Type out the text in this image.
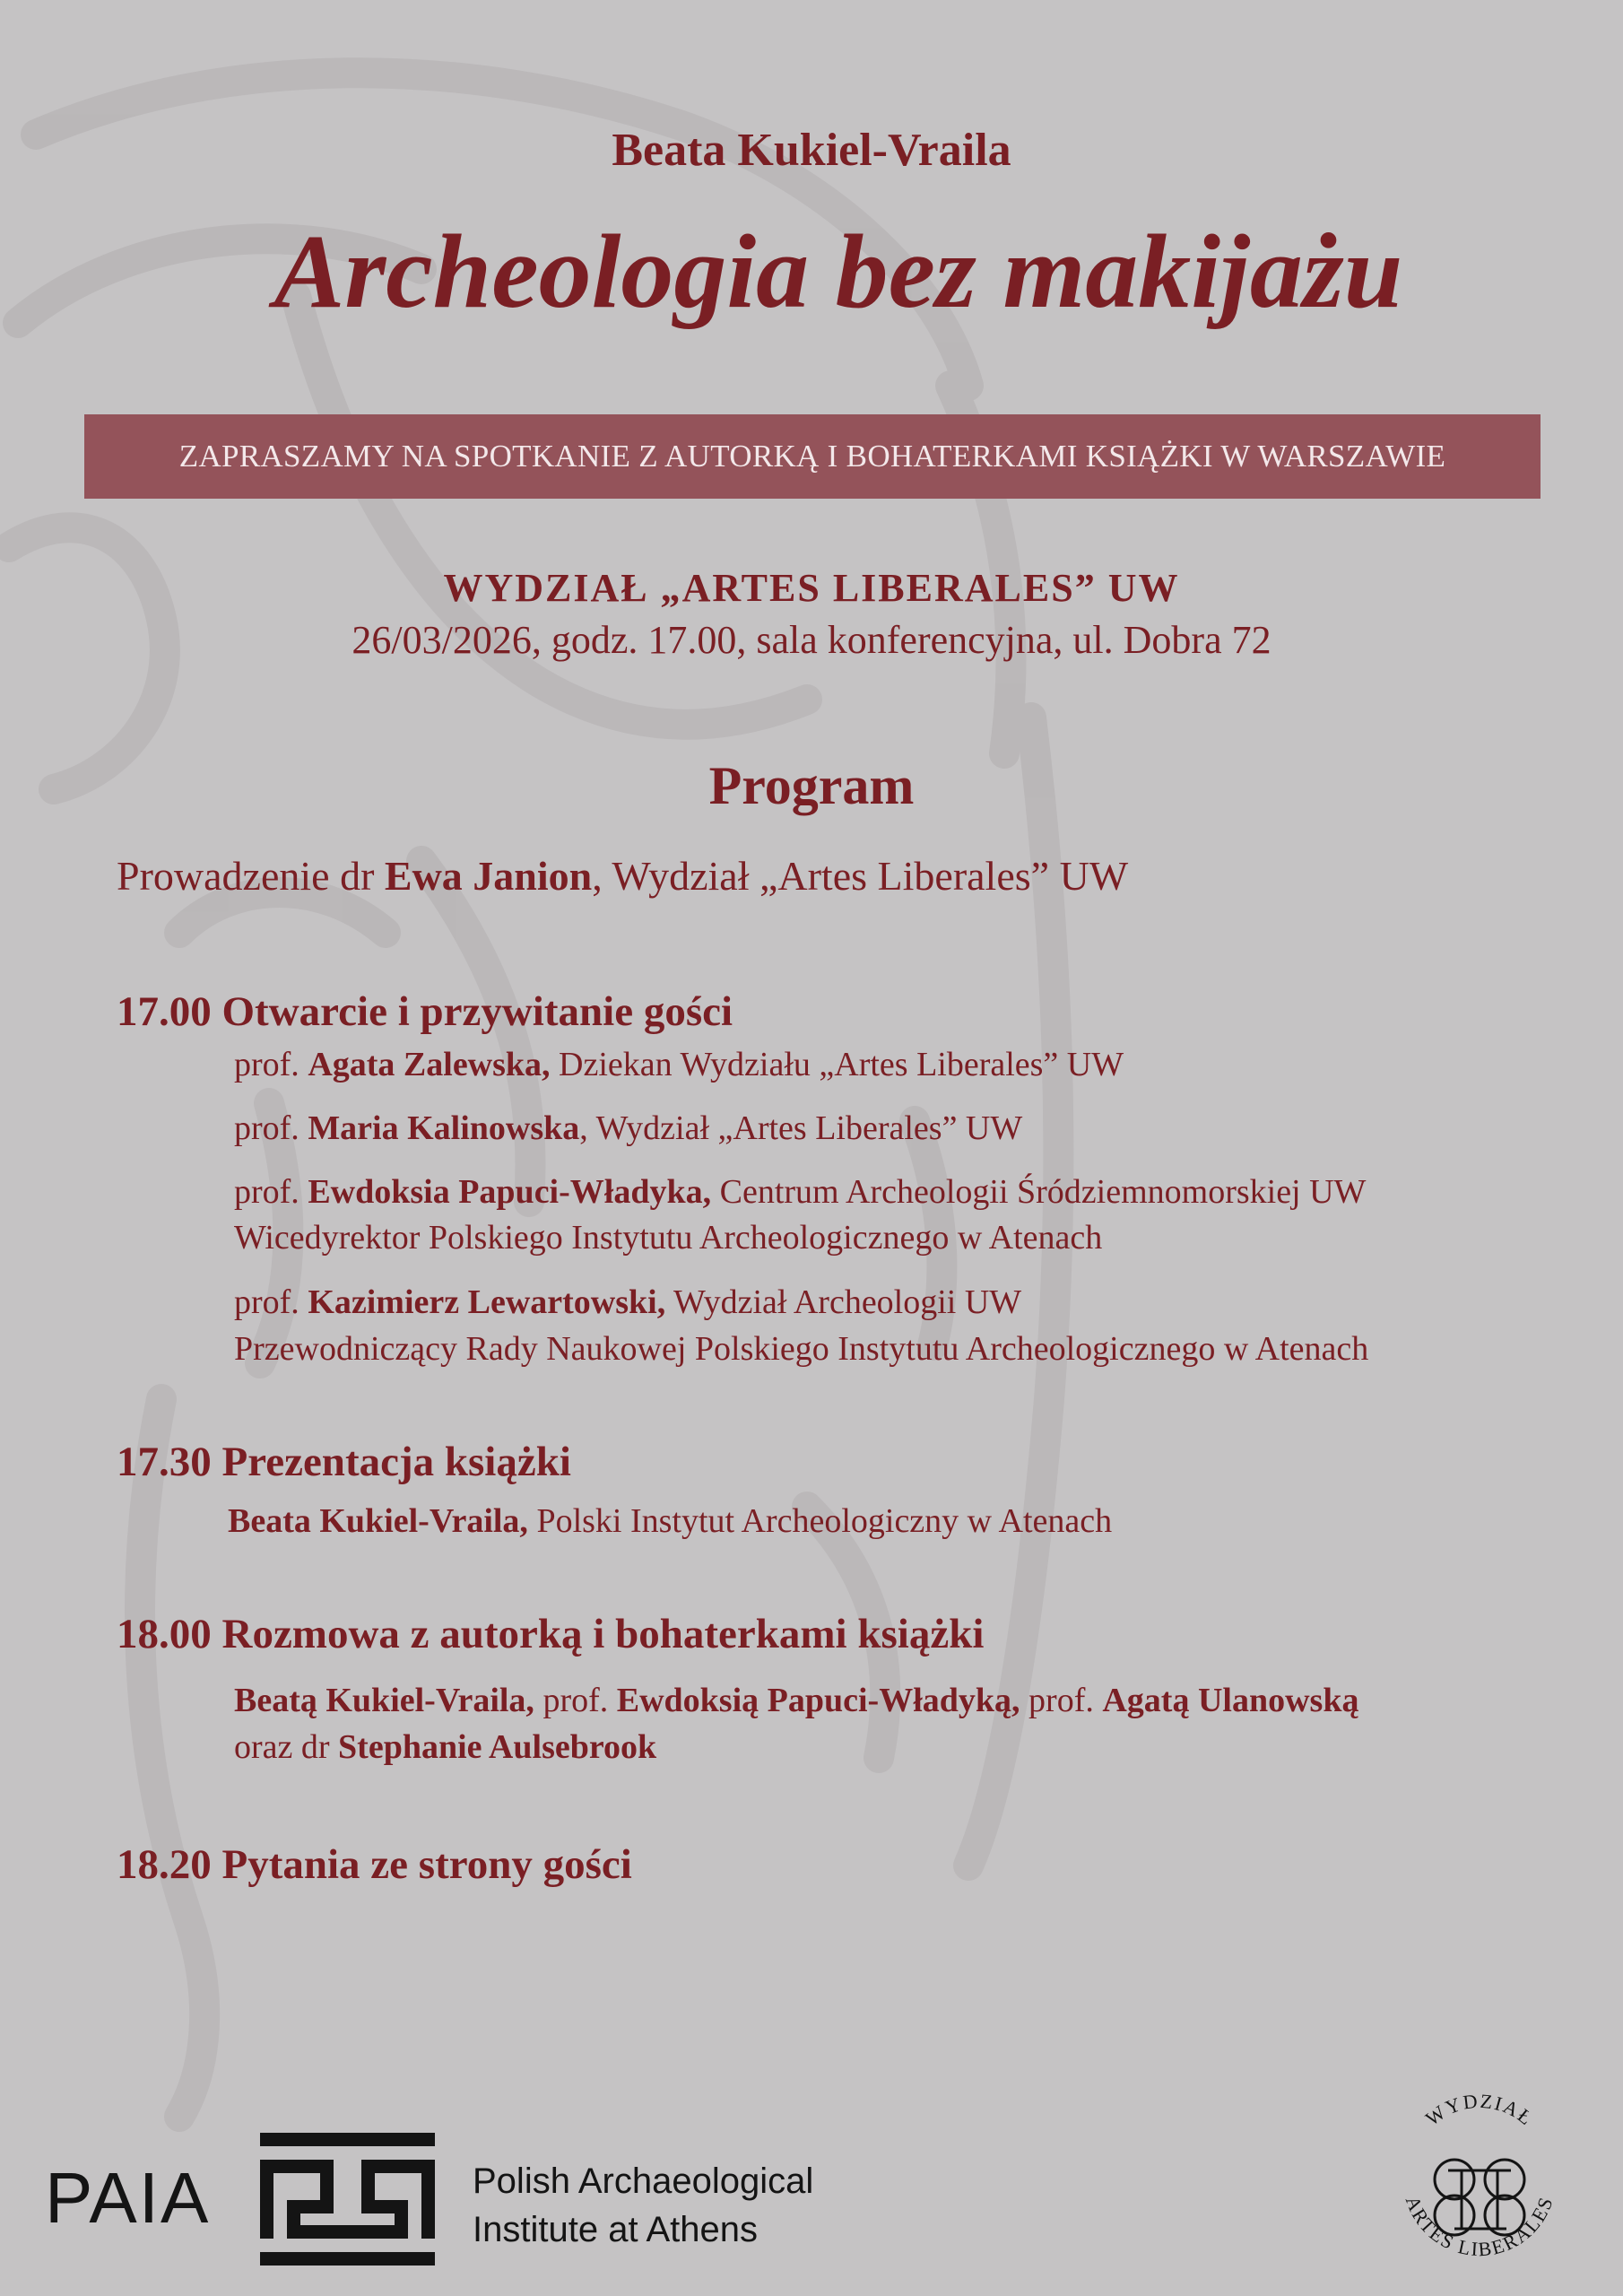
Beata Kukiel-Vraila
Archeologia bez makijażu
ZAPRASZAMY NA SPOTKANIE Z AUTORKĄ I BOHATERKAMI KSIĄŻKI W WARSZAWIE
WYDZIAŁ „ARTES LIBERALES” UW
26/03/2026, godz. 17.00, sala konferencyjna, ul. Dobra 72
Program
Prowadzenie dr Ewa Janion, Wydział „Artes Liberales” UW
17.00 Otwarcie i przywitanie gości
prof. Agata Zalewska, Dziekan Wydziału „Artes Liberales” UW
prof. Maria Kalinowska, Wydział „Artes Liberales” UW
prof. Ewdoksia Papuci-Władyka, Centrum Archeologii Śródziemnomorskiej UW
Wicedyrektor Polskiego Instytutu Archeologicznego w Atenach
prof. Kazimierz Lewartowski, Wydział Archeologii UW
Przewodniczący Rady Naukowej Polskiego Instytutu Archeologicznego w Atenach
17.30 Prezentacja książki
Beata Kukiel-Vraila, Polski Instytut Archeologiczny w Atenach
18.00 Rozmowa z autorką i bohaterkami książki
Beatą Kukiel-Vraila, prof. Ewdoksią Papuci-Władyką, prof. Agatą Ulanowską
oraz dr Stephanie Aulsebrook
18.20 Pytania ze strony gości
PAIA	Polish Archaeological
Institute at Athens
WYDZIAŁ
ARTES LIBERALES
